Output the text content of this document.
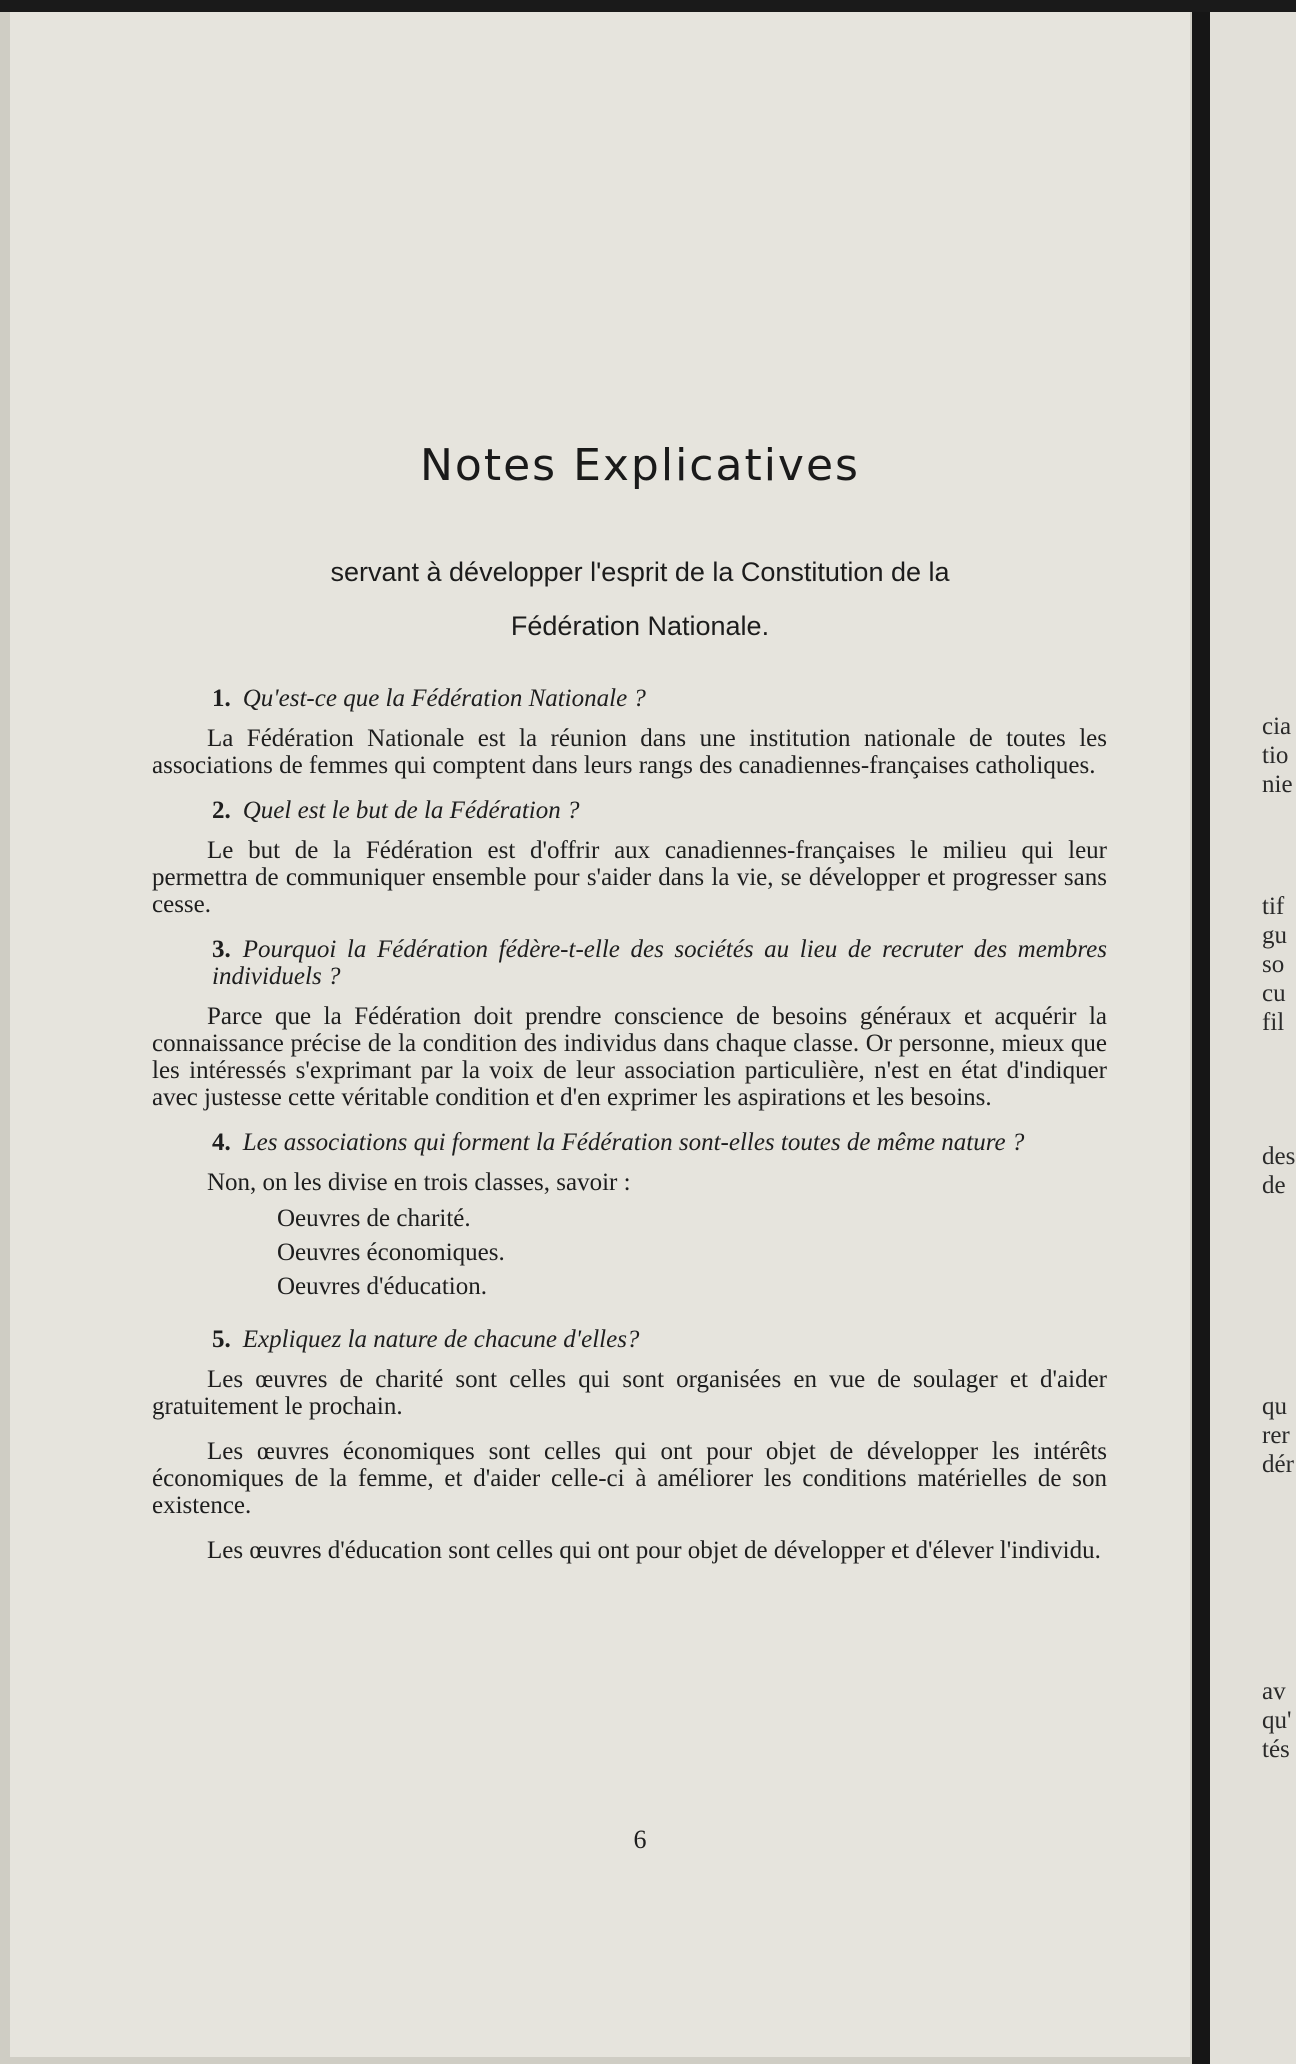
Notes Explicatives
servant à développer l'esprit de la Constitution de la
Fédération Nationale.

1. Qu'est-ce que la Fédération Nationale ?

La Fédération Nationale est la réunion dans une institution nationale de toutes les associations de femmes qui comptent dans leurs rangs des canadiennes-françaises catholiques.

2. Quel est le but de la Fédération ?

Le but de la Fédération est d'offrir aux canadiennes-françaises le milieu qui leur permettra de communiquer ensemble pour s'aider dans la vie, se développer et progresser sans cesse.

3. Pourquoi la Fédération fédère-t-elle des sociétés au lieu de recruter des membres individuels ?

Parce que la Fédération doit prendre conscience de besoins généraux et acquérir la connaissance précise de la condition des individus dans chaque classe. Or personne, mieux que les intéressés s'exprimant par la voix de leur association particulière, n'est en état d'indiquer avec justesse cette véritable condition et d'en exprimer les aspirations et les besoins.

4. Les associations qui forment la Fédération sont-elles toutes de même nature ?

Non, on les divise en trois classes, savoir :

Oeuvres de charité.
Oeuvres économiques.
Oeuvres d'éducation.

5. Expliquez la nature de chacune d'elles?

Les œuvres de charité sont celles qui sont organisées en vue de soulager et d'aider gratuitement le prochain.

Les œuvres économiques sont celles qui ont pour objet de développer les intérêts économiques de la femme, et d'aider celle-ci à améliorer les conditions matérielles de son existence.

Les œuvres d'éducation sont celles qui ont pour objet de développer et d'élever l'individu.

6
cia
tio
nie
tif
gu
so
cu
fil
des
de
qu
rer
dér
av
qu'
tés
